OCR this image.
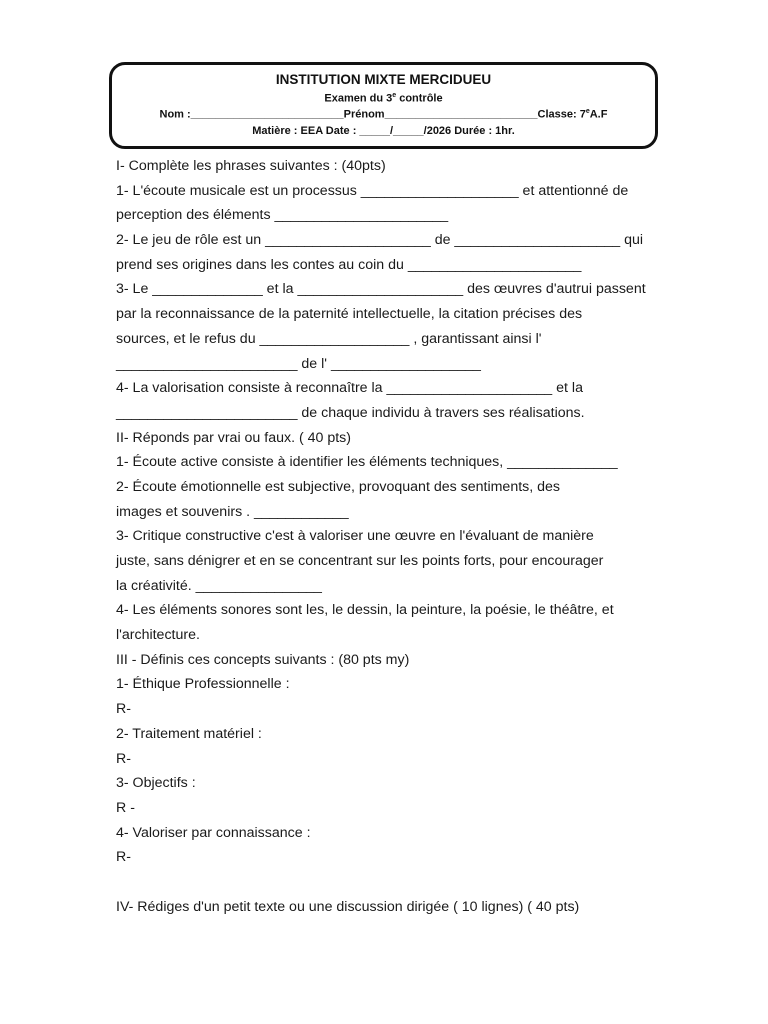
INSTITUTION MIXTE MERCIDUEU
Examen du 3e contrôle
Nom :_________________________Prénom_________________________Classe: 7eA.F
Matière : EEA Date : _____/_____/2026 Durée : 1hr.
I- Complète les phrases suivantes : (40pts)
1- L'écoute musicale est un processus ____________________ et attentionné de
perception des éléments ______________________
2- Le jeu de rôle est un _____________________ de _____________________ qui
prend ses origines dans les contes au coin du ______________________
3- Le ______________ et la _____________________ des œuvres d'autrui passent
par la reconnaissance de la paternité intellectuelle, la citation précises des
sources, et le refus du ___________________ , garantissant ainsi l'
_______________________ de l' ___________________
4- La valorisation consiste à reconnaître la _____________________ et la
_______________________ de chaque individu à travers ses réalisations.
II- Réponds par vrai ou faux. ( 40 pts)
1- Écoute active consiste à identifier les éléments techniques, ______________
2- Écoute émotionnelle est subjective, provoquant des sentiments, des
images et souvenirs . ____________
3- Critique constructive c'est à valoriser une œuvre en l'évaluant de manière
juste, sans dénigrer et en se concentrant sur les points forts, pour encourager
la créativité. ________________
4- Les éléments sonores sont les, le dessin, la peinture, la poésie, le théâtre, et
l'architecture.
III - Définis ces concepts suivants : (80 pts my)
1- Éthique Professionnelle :
R-
2- Traitement matériel :
R-
3- Objectifs :
R -
4- Valoriser par connaissance :
R-
IV- Rédiges d'un petit texte ou une discussion dirigée ( 10 lignes) ( 40 pts)
